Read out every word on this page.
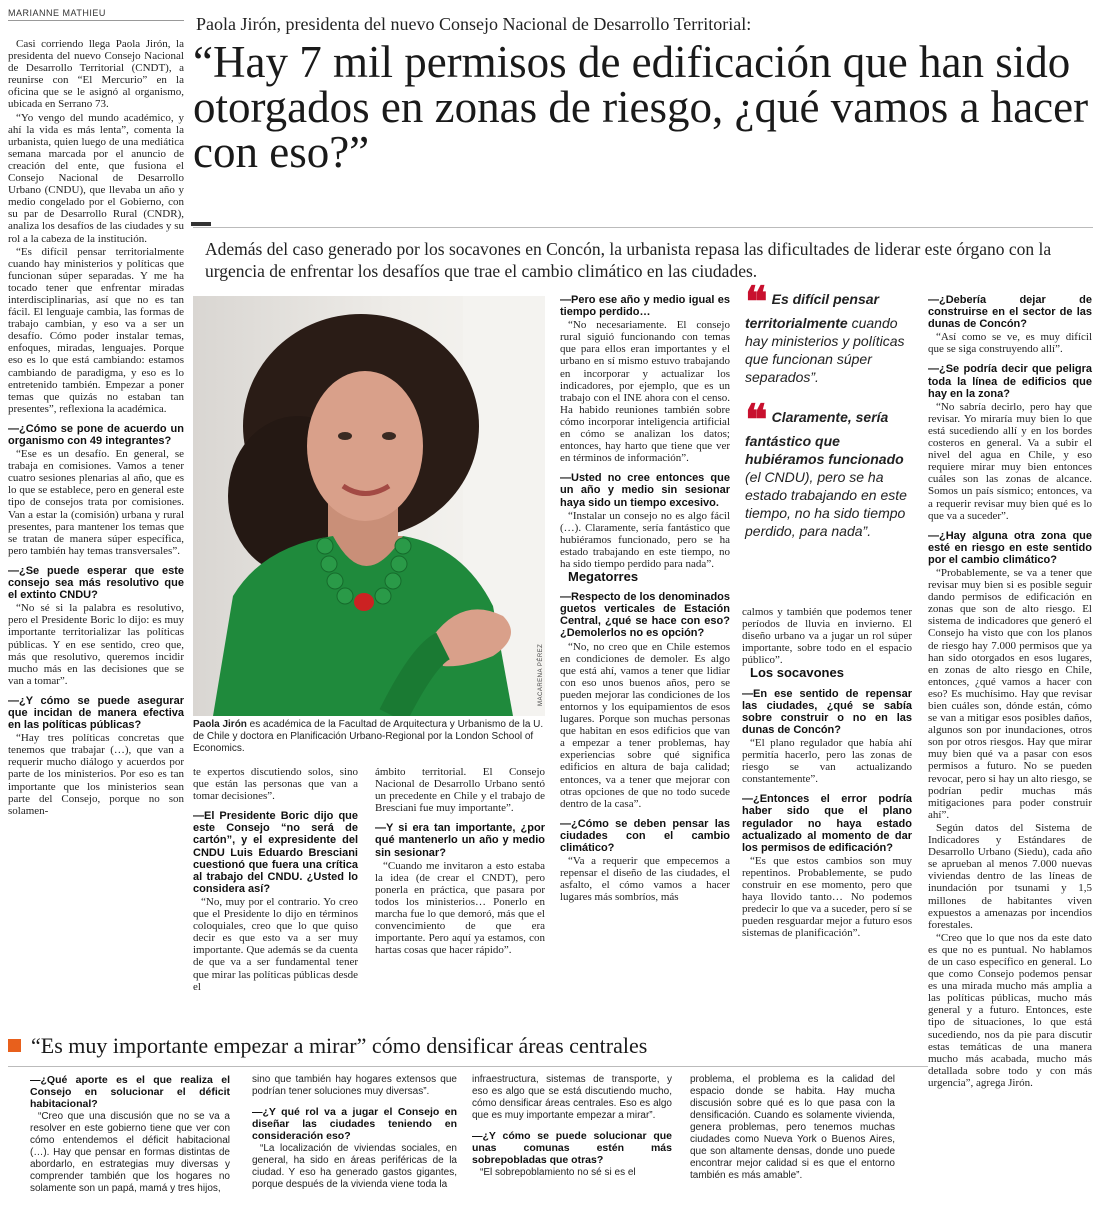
MARIANNE MATHIEU
Paola Jirón, presidenta del nuevo Consejo Nacional de Desarrollo Territorial:
“Hay 7 mil permisos de edificación que han sido otorgados en zonas de riesgo, ¿qué vamos a hacer con eso?”
Además del caso generado por los socavones en Concón, la urbanista repasa las dificultades de liderar este órgano con la urgencia de enfrentar los desafíos que trae el cambio climático en las ciudades.

Casi corriendo llega Paola Jirón, la presidenta del nuevo Consejo Nacional de Desarrollo Territorial (CNDT), a reunirse con “El Mercurio” en la oficina que se le asignó al organismo, ubicada en Serrano 73.

“Yo vengo del mundo académico, y ahí la vida es más lenta”, comenta la urbanista, quien luego de una mediática semana marcada por el anuncio de creación del ente, que fusiona el Consejo Nacional de Desarrollo Urbano (CNDU), que llevaba un año y medio congelado por el Gobierno, con su par de Desarrollo Rural (CNDR), analiza los desafíos de las ciudades y su rol a la cabeza de la institución.

“Es difícil pensar territorialmente cuando hay ministerios y políticas que funcionan súper separadas. Y me ha tocado tener que enfrentar miradas interdisciplinarias, así que no es tan fácil. El lenguaje cambia, las formas de trabajo cambian, y eso va a ser un desafío. Cómo poder instalar temas, enfoques, miradas, lenguajes. Porque eso es lo que está cambiando: estamos cambiando de paradigma, y eso es lo entretenido también. Empezar a poner temas que quizás no estaban tan presentes”, reflexiona la académica.

—¿Cómo se pone de acuerdo un organismo con 49 integrantes?

“Ese es un desafío. En general, se trabaja en comisiones. Vamos a tener cuatro sesiones plenarias al año, que es lo que se establece, pero en general este tipo de consejos trata por comisiones. Van a estar la (comisión) urbana y rural presentes, para mantener los temas que se tratan de manera súper específica, pero también hay temas transversales”.

—¿Se puede esperar que este consejo sea más resolutivo que el extinto CNDU?

“No sé si la palabra es resolutivo, pero el Presidente Boric lo dijo: es muy importante territorializar las políticas públicas. Y en ese sentido, creo que, más que resolutivo, queremos incidir mucho más en las decisiones que se van a tomar”.

—¿Y cómo se puede asegurar que incidan de manera efectiva en las políticas públicas?

“Hay tres políticas concretas que tenemos que trabajar (…), que van a requerir mucho diálogo y acuerdos por parte de los ministerios. Por eso es tan importante que los ministerios sean parte del Consejo, porque no son solamen-

MACARENA PÉREZ
Paola Jirón es académica de la Facultad de Arquitectura y Urbanismo de la U. de Chile y doctora en Planificación Urbano-Regional por la London School of Economics.

te expertos discutiendo solos, sino que están las personas que van a tomar decisiones”.

—El Presidente Boric dijo que este Consejo “no será de cartón”, y el expresidente del CNDU Luis Eduardo Bresciani cuestionó que fuera una crítica al trabajo del CNDU. ¿Usted lo considera así?

“No, muy por el contrario. Yo creo que el Presidente lo dijo en términos coloquiales, creo que lo que quiso decir es que esto va a ser muy importante. Que además se da cuenta de que va a ser fundamental tener que mirar las políticas públicas desde el

ámbito territorial. El Consejo Nacional de Desarrollo Urbano sentó un precedente en Chile y el trabajo de Bresciani fue muy importante”.

—Y si era tan importante, ¿por qué mantenerlo un año y medio sin sesionar?

“Cuando me invitaron a esto estaba la idea (de crear el CNDT), pero ponerla en práctica, que pasara por todos los ministerios… Ponerlo en marcha fue lo que demoró, más que el convencimiento de que era importante. Pero aquí ya estamos, con hartas cosas que hacer rápido”.

—Pero ese año y medio igual es tiempo perdido…

“No necesariamente. El consejo rural siguió funcionando con temas que para ellos eran importantes y el urbano en sí mismo estuvo trabajando en incorporar y actualizar los indicadores, por ejemplo, que es un trabajo con el INE ahora con el censo. Ha habido reuniones también sobre cómo incorporar inteligencia artificial en cómo se analizan los datos; entonces, hay harto que tiene que ver en términos de información”.

—Usted no cree entonces que un año y medio sin sesionar haya sido un tiempo excesivo.

“Instalar un consejo no es algo fácil (…). Claramente, sería fantástico que hubiéramos funcionado, pero se ha estado trabajando en este tiempo, no ha sido tiempo perdido para nada”.

Megatorres

—Respecto de los denominados guetos verticales de Estación Central, ¿qué se hace con eso? ¿Demolerlos no es opción?

“No, no creo que en Chile estemos en condiciones de demoler. Es algo que está ahí, vamos a tener que lidiar con eso unos buenos años, pero se pueden mejorar las condiciones de los entornos y los equipamientos de esos lugares. Porque son muchas personas que habitan en esos edificios que van a empezar a tener problemas, hay experiencias sobre qué significa edificios en altura de baja calidad; entonces, va a tener que mejorar con otras opciones de que no todo sucede dentro de la casa”.

—¿Cómo se deben pensar las ciudades con el cambio climático?

“Va a requerir que empecemos a repensar el diseño de las ciudades, el asfalto, el cómo vamos a hacer lugares más sombríos, más

❝ Es difícil pensar territorialmente cuando hay ministerios y políticas que funcionan súper separados”.
❝ Claramente, sería fantástico que hubiéramos funcionado (el CNDU), pero se ha estado trabajando en este tiempo, no ha sido tiempo perdido, para nada”.

calmos y también que podemos tener períodos de lluvia en invierno. El diseño urbano va a jugar un rol súper importante, sobre todo en el espacio público”.

Los socavones

—En ese sentido de repensar las ciudades, ¿qué se sabía sobre construir o no en las dunas de Concón?

“El plano regulador que había ahí permitía hacerlo, pero las zonas de riesgo se van actualizando constantemente”.

—¿Entonces el error podría haber sido que el plano regulador no haya estado actualizado al momento de dar los permisos de edificación?

“Es que estos cambios son muy repentinos. Probablemente, se pudo construir en ese momento, pero que haya llovido tanto… No podemos predecir lo que va a suceder, pero sí se pueden resguardar mejor a futuro esos sistemas de planificación”.

—¿Debería dejar de construirse en el sector de las dunas de Concón?

“Así como se ve, es muy difícil que se siga construyendo allí”.

—¿Se podría decir que peligra toda la línea de edificios que hay en la zona?

“No sabría decirlo, pero hay que revisar. Yo miraría muy bien lo que está sucediendo allí y en los bordes costeros en general. Va a subir el nivel del agua en Chile, y eso requiere mirar muy bien entonces cuáles son las zonas de alcance. Somos un país sísmico; entonces, va a requerir revisar muy bien qué es lo que va a suceder”.

—¿Hay alguna otra zona que esté en riesgo en este sentido por el cambio climático?

“Probablemente, se va a tener que revisar muy bien si es posible seguir dando permisos de edificación en zonas que son de alto riesgo. El sistema de indicadores que generó el Consejo ha visto que con los planos de riesgo hay 7.000 permisos que ya han sido otorgados en esos lugares, en zonas de alto riesgo en Chile, entonces, ¿qué vamos a hacer con eso? Es muchísimo. Hay que revisar bien cuáles son, dónde están, cómo se van a mitigar esos posibles daños, algunos son por inundaciones, otros son por otros riesgos. Hay que mirar muy bien qué va a pasar con esos permisos a futuro. No se pueden revocar, pero si hay un alto riesgo, se podrían pedir muchas más mitigaciones para poder construir ahí”.

Según datos del Sistema de Indicadores y Estándares de Desarrollo Urbano (Siedu), cada año se aprueban al menos 7.000 nuevas viviendas dentro de las líneas de inundación por tsunami y 1,5 millones de habitantes viven expuestos a amenazas por incendios forestales.

“Creo que lo que nos da este dato es que no es puntual. No hablamos de un caso específico en general. Lo que como Consejo podemos pensar es una mirada mucho más amplia a las políticas públicas, mucho más general y a futuro. Entonces, este tipo de situaciones, lo que está sucediendo, nos da pie para discutir estas temáticas de una manera mucho más acabada, mucho más detallada sobre todo y con más urgencia”, agrega Jirón.

“Es muy importante empezar a mirar” cómo densificar áreas centrales

—¿Qué aporte es el que realiza el Consejo en solucionar el déficit habitacional?

“Creo que una discusión que no se va a resolver en este gobierno tiene que ver con cómo entendemos el déficit habitacional (…). Hay que pensar en formas distintas de abordarlo, en estrategias muy diversas y comprender también que los hogares no solamente son un papá, mamá y tres hijos,

sino que también hay hogares extensos que podrían tener soluciones muy diversas”.

—¿Y qué rol va a jugar el Consejo en diseñar las ciudades teniendo en consideración eso?

“La localización de viviendas sociales, en general, ha sido en áreas periféricas de la ciudad. Y eso ha generado gastos gigantes, porque después de la vivienda viene toda la

infraestructura, sistemas de transporte, y eso es algo que se está discutiendo mucho, cómo densificar áreas centrales. Eso es algo que es muy importante empezar a mirar”.

—¿Y cómo se puede solucionar que unas comunas estén más sobrepobladas que otras?

“El sobrepoblamiento no sé si es el

problema, el problema es la calidad del espacio donde se habita. Hay mucha discusión sobre qué es lo que pasa con la densificación. Cuando es solamente vivienda, genera problemas, pero tenemos muchas ciudades como Nueva York o Buenos Aires, que son altamente densas, donde uno puede encontrar mejor calidad si es que el entorno también es más amable”.
